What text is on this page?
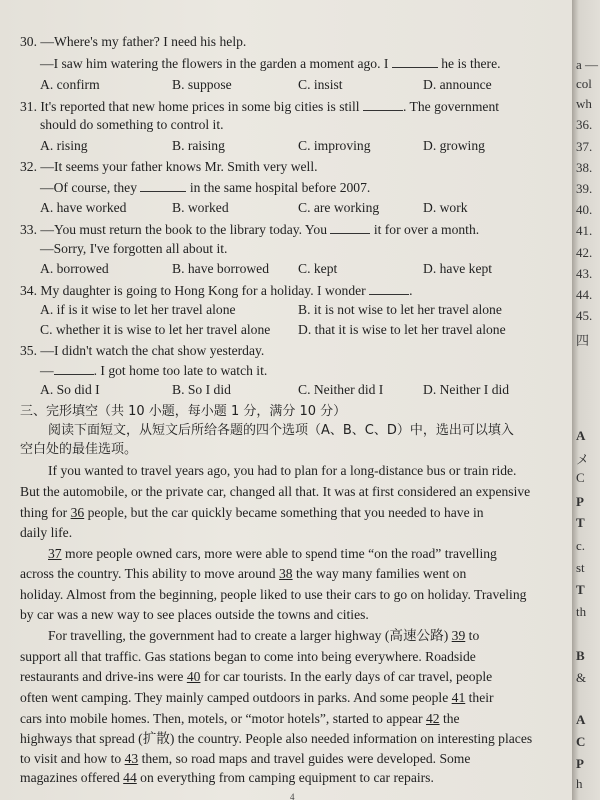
30. —Where's my father? I need his help.
—I saw him watering the flowers in the garden a moment ago. I	he is there.
A. confirm	B. suppose	C. insist	D. announce
31. It's reported that new home prices in some big cities is still	. The government
should do something to control it.
A. rising	B. raising	C. improving	D. growing
32. —It seems your father knows Mr. Smith very well.
—Of course, they	in the same hospital before 2007.
A. have worked	B. worked	C. are working	D. work
33. —You must return the book to the library today. You	it for over a month.
—Sorry, I've forgotten all about it.
A. borrowed	B. have borrowed C. kept	D. have kept
34. My daughter is going to Hong Kong for a holiday. I wonder	.
A. if is it wise to let her travel alone	B. it is not wise to let her travel alone
C. whether it is wise to let her travel alone D. that it is wise to let her travel alone
35. —I didn't watch the chat show yesterday.
—	. I got home too late to watch it.
A. So did I	B. So I did	C. Neither did I	D. Neither I did
三、完形填空（共 10 小题，每小题 1 分，满分 10 分）
阅读下面短文，从短文后所给各题的四个选项（A、B、C、D）中，选出可以填入
空白处的最佳选项。
If you wanted to travel years ago, you had to plan for a long-distance bus or train ride.
But the automobile, or the private car, changed all that. It was at first considered an expensive
thing for 36 people, but the car quickly became something that you needed to have in
daily life.
37 more people owned cars, more were able to spend time “on the road” travelling
across the country. This ability to move around 38 the way many families went on
holiday. Almost from the beginning, people liked to use their cars to go on holiday. Traveling
by car was a new way to see places outside the towns and cities.
For travelling, the government had to create a larger highway (高速公路) 39 to
support all that traffic. Gas stations began to come into being everywhere. Roadside
restaurants and drive-ins were 40 for car tourists. In the early days of car travel, people
often went camping. They mainly camped outdoors in parks. And some people 41 their
cars into mobile homes. Then, motels, or “motor hotels”, started to appear 42 the
highways that spread (扩散) the country. People also needed information on interesting places
to visit and how to 43 them, so road maps and travel guides were developed. Some
magazines offered 44 on everything from camping equipment to car repairs.
4
a —
col
wh
36.
37.
38.
39.
40.
41.
42.
43.
44.
45.
四
A
メ
C
P
T
c.
st
T
th
B
&
A
C
P
h
